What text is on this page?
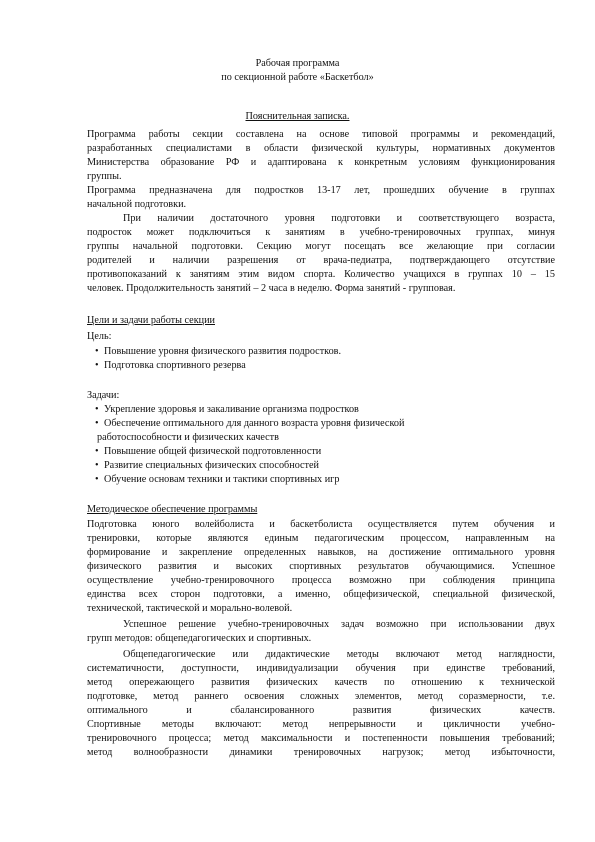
Рабочая программа
по секционной работе «Баскетбол»
Пояснительная записка.

Программа работы секции составлена на основе типовой программы и рекомендаций,

разработанных специалистами в области физической культуры, нормативных документов

Министерства образование РФ и адаптирована к конкретным условиям функционирования

группы.

Программа предназначена для подростков 13-17 лет, прошедших обучение в группах

начальной подготовки.

При наличии достаточного уровня подготовки и соответствующего возраста,

подросток может подключиться к занятиям в учебно-тренировочных группах, минуя

группы начальной подготовки. Секцию могут посещать все желающие при согласии

родителей и наличии разрешения от врача-педиатра, подтверждающего отсутствие

противопоказаний к занятиям этим видом спорта. Количество учащихся в группах 10 – 15

человек. Продолжительность занятий – 2 часа в неделю. Форма занятий - групповая.

Цели и задачи работы секции
Цель:
• Повышение уровня физического развития подростков.
• Подготовка спортивного резерва
Задачи:
• Укрепление здоровья и закаливание организма подростков
• Обеспечение оптимального для данного возраста уровня физической
работоспособности и физических качеств
• Повышение общей физической подготовленности
• Развитие специальных физических способностей
• Обучение основам техники и тактики спортивных игр
Методическое обеспечение программы

Подготовка юного волейболиста и баскетболиста осуществляется путем обучения и

тренировки, которые являются единым педагогическим процессом, направленным на

формирование и закрепление определенных навыков, на достижение оптимального уровня

физического развития и высоких спортивных результатов обучающимися. Успешное

осуществление учебно-тренировочного процесса возможно при соблюдения принципа

единства всех сторон подготовки, а именно, общефизической, специальной физической,

технической, тактической и морально-волевой.

Успешное решение учебно-тренировочных задач возможно при использовании двух

групп методов: общепедагогических и спортивных.

Общепедагогические или дидактические методы включают метод наглядности,

систематичности, доступности, индивидуализации обучения при единстве требований,

метод опережающего развития физических качеств по отношению к технической

подготовке, метод раннего освоения сложных элементов, метод соразмерности, т.е.

оптимального и сбалансированного развития физических качеств.

Спортивные методы включают: метод непрерывности и цикличности учебно-

тренировочного процесса; метод максимальности и постепенности повышения требований;

метод волнообразности динамики тренировочных нагрузок; метод избыточности,
